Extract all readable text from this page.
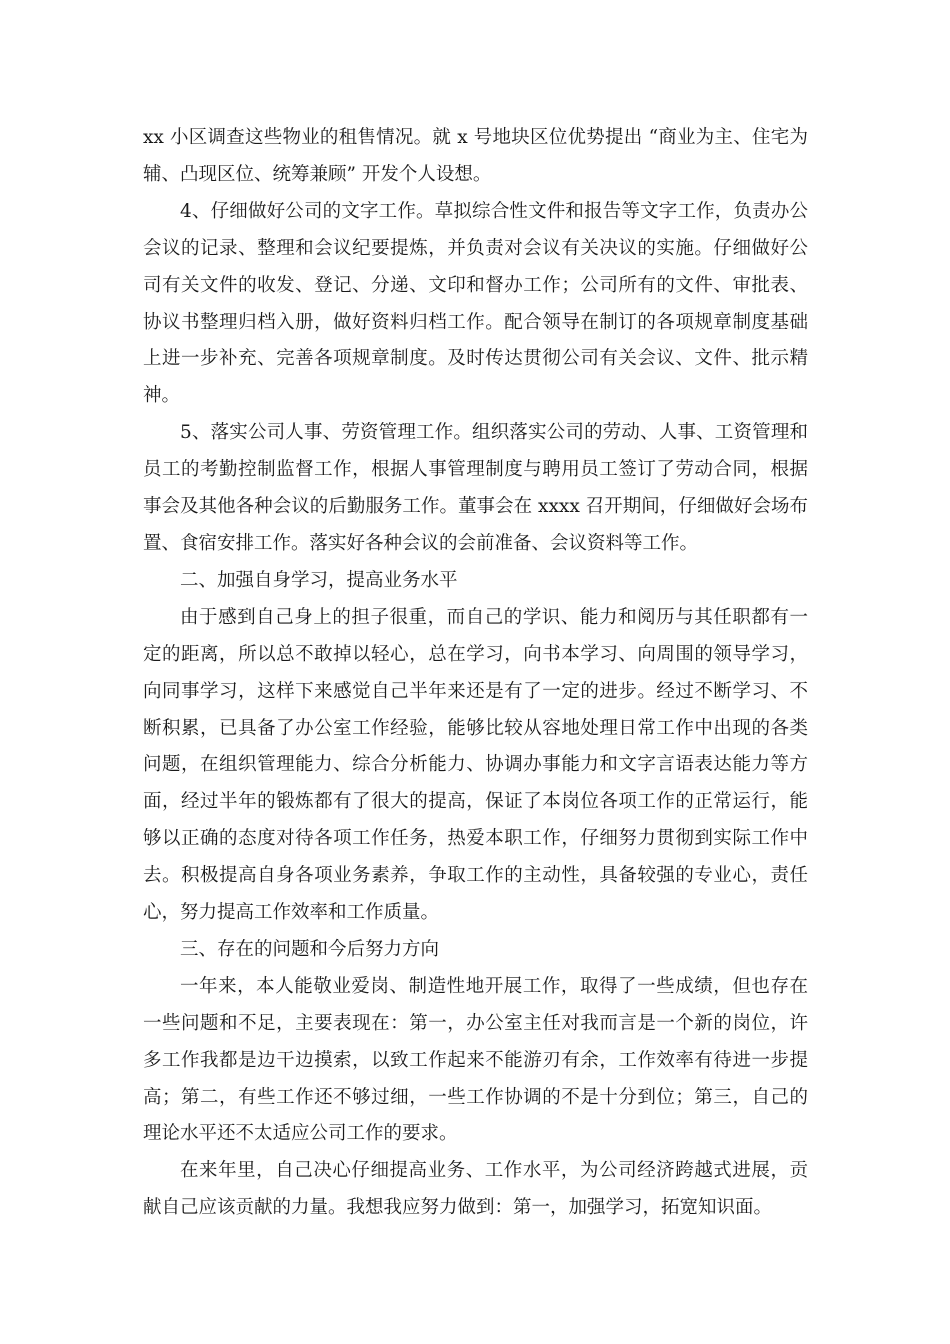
xx 小区调查这些物业的租售情况。就 x 号地块区位优势提出 “商业为主、住宅为辅、凸现区位、统筹兼顾” 开发个人设想。

4、仔细做好公司的文字工作。草拟综合性文件和报告等文字工作，负责办公会议的记录、整理和会议纪要提炼，并负责对会议有关决议的实施。仔细做好公司有关文件的收发、登记、分递、文印和督办工作；公司所有的文件、审批表、协议书整理归档入册，做好资料归档工作。配合领导在制订的各项规章制度基础上进一步补充、完善各项规章制度。及时传达贯彻公司有关会议、文件、批示精神。

5、落实公司人事、劳资管理工作。组织落实公司的劳动、人事、工资管理和员工的考勤控制监督工作，根据人事管理制度与聘用员工签订了劳动合同，根据事会及其他各种会议的后勤服务工作。董事会在 xxxx 召开期间，仔细做好会场布置、食宿安排工作。落实好各种会议的会前准备、会议资料等工作。

二、加强自身学习，提高业务水平

由于感到自己身上的担子很重，而自己的学识、能力和阅历与其任职都有一定的距离，所以总不敢掉以轻心，总在学习，向书本学习、向周围的领导学习，向同事学习，这样下来感觉自己半年来还是有了一定的进步。经过不断学习、不断积累，已具备了办公室工作经验，能够比较从容地处理日常工作中出现的各类问题，在组织管理能力、综合分析能力、协调办事能力和文字言语表达能力等方面，经过半年的锻炼都有了很大的提高，保证了本岗位各项工作的正常运行，能够以正确的态度对待各项工作任务，热爱本职工作，仔细努力贯彻到实际工作中去。积极提高自身各项业务素养，争取工作的主动性，具备较强的专业心，责任心，努力提高工作效率和工作质量。

三、存在的问题和今后努力方向

一年来，本人能敬业爱岗、制造性地开展工作，取得了一些成绩，但也存在一些问题和不足，主要表现在：第一，办公室主任对我而言是一个新的岗位，许多工作我都是边干边摸索，以致工作起来不能游刃有余，工作效率有待进一步提高；第二，有些工作还不够过细，一些工作协调的不是十分到位；第三，自己的理论水平还不太适应公司工作的要求。

在来年里，自己决心仔细提高业务、工作水平，为公司经济跨越式进展，贡献自己应该贡献的力量。我想我应努力做到：第一，加强学习，拓宽知识面。
